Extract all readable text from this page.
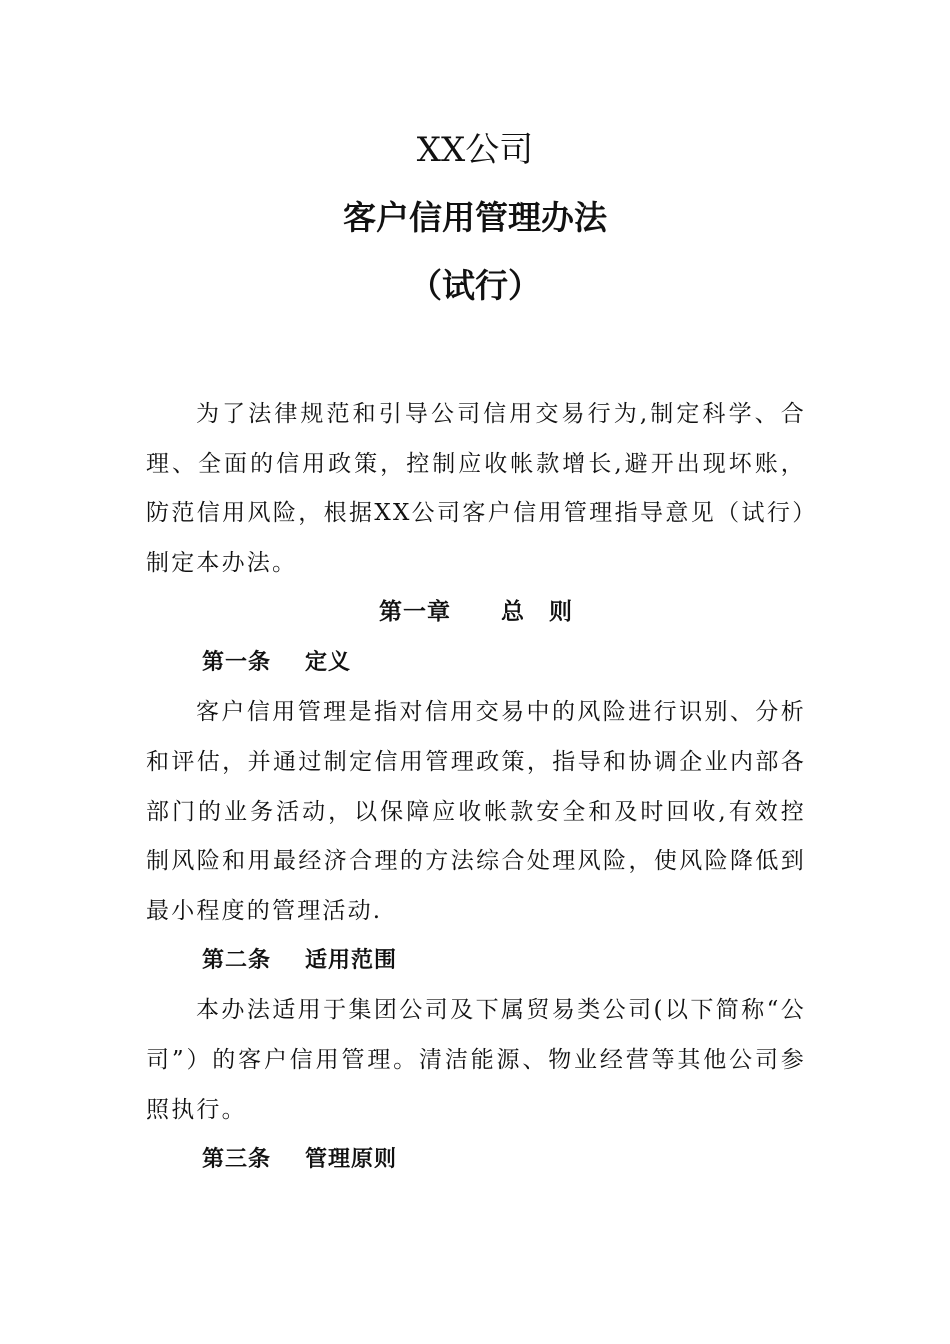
XX公司
客户信用管理办法
（试行）

为了法律规范和引导公司信用交易行为,制定科学、合理、全面的信用政策，控制应收帐款增长,避开出现坏账，防范信用风险，根据XX公司客户信用管理指导意见（试行）制定本办法。

第一章 总　则

第一条 定义

客户信用管理是指对信用交易中的风险进行识别、分析和评估，并通过制定信用管理政策，指导和协调企业内部各部门的业务活动，以保障应收帐款安全和及时回收,有效控制风险和用最经济合理的方法综合处理风险，使风险降低到最小程度的管理活动.

第二条 适用范围

本办法适用于集团公司及下属贸易类公司(以下简称“公司”）的客户信用管理。清洁能源、物业经营等其他公司参照执行。

第三条 管理原则
